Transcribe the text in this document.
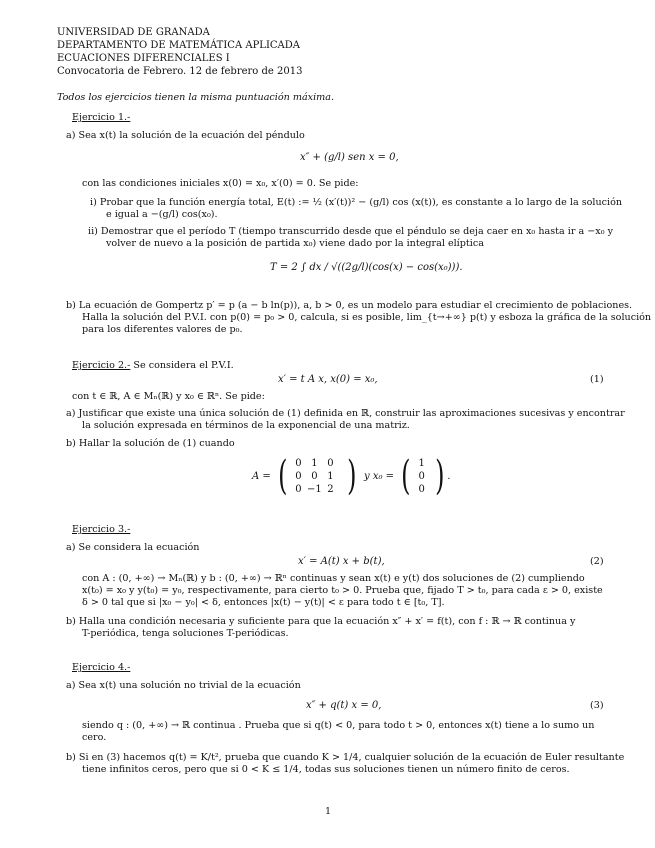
UNIVERSIDAD DE GRANADA
DEPARTAMENTO DE MATEMÁTICA APLICADA
ECUACIONES DIFERENCIALES I
Convocatoria de Febrero. 12 de febrero de 2013
Todos los ejercicios tienen la misma puntuación máxima.
Ejercicio 1.-
a) Sea x(t) la solución de la ecuación del péndulo
x″ + (g/l) sen x = 0,
con las condiciones iniciales x(0) = x₀, x′(0) = 0. Se pide:
i) Probar que la función energía total, E(t) := ½ (x′(t))² − (g/l) cos (x(t)), es constante a lo largo de la solución
e igual a −(g/l) cos(x₀).
ii) Demostrar que el período T (tiempo transcurrido desde que el péndulo se deja caer en x₀ hasta ir a −x₀ y
volver de nuevo a la posición de partida x₀) viene dado por la integral elíptica
T = 2 ∫ dx / √((2g/l)(cos(x) − cos(x₀))).
b) La ecuación de Gompertz p′ = p (a − b ln(p)), a, b > 0, es un modelo para estudiar el crecimiento de poblaciones.
Halla la solución del P.V.I. con p(0) = p₀ > 0, calcula, si es posible, lim_{t→+∞} p(t) y esboza la gráfica de la solución
para los diferentes valores de p₀.
Ejercicio 2.- Se considera el P.V.I.
x′ = t A x, x(0) = x₀,	(1)
con t ∈ ℝ, A ∈ Mₙ(ℝ) y x₀ ∈ ℝⁿ. Se pide:
a) Justificar que existe una única solución de (1) definida en ℝ, construir las aproximaciones sucesivas y encontrar
la solución expresada en términos de la exponencial de una matriz.
b) Hallar la solución de (1) cuando
A = ( 0 1 0
0 0 1
0 −1 2 ) y x₀ = ( 1
0
0 ) .
Ejercicio 3.-
a) Se considera la ecuación
x′ = A(t) x + b(t),	(2)
con A : (0, +∞) → Mₙ(ℝ) y b : (0, +∞) → ℝⁿ continuas y sean x(t) e y(t) dos soluciones de (2) cumpliendo
x(t₀) = x₀ y y(t₀) = y₀, respectivamente, para cierto t₀ > 0. Prueba que, fijado T > t₀, para cada ε > 0, existe
δ > 0 tal que si |x₀ − y₀| < δ, entonces |x(t) − y(t)| < ε para todo t ∈ [t₀, T].
b) Halla una condición necesaria y suficiente para que la ecuación x″ + x′ = f(t), con f : ℝ → ℝ continua y
T-periódica, tenga soluciones T-periódicas.
Ejercicio 4.-
a) Sea x(t) una solución no trivial de la ecuación
x″ + q(t) x = 0,	(3)
siendo q : (0, +∞) → ℝ continua . Prueba que si q(t) < 0, para todo t > 0, entonces x(t) tiene a lo sumo un
cero.
b) Si en (3) hacemos q(t) = K/t², prueba que cuando K > 1/4, cualquier solución de la ecuación de Euler resultante
tiene infinitos ceros, pero que si 0 < K ≤ 1/4, todas sus soluciones tienen un número finito de ceros.
1
